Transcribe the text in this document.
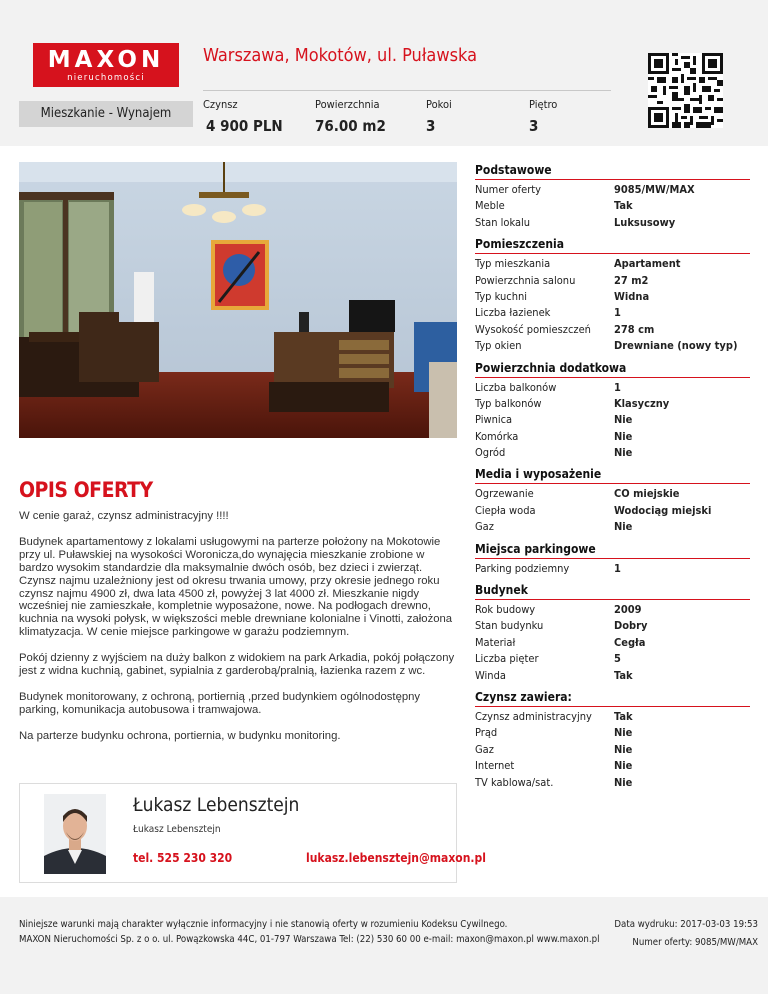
MAXON
nieruchomości
Mieszkanie - Wynajem
Warszawa, Mokotów, ul. Puławska
Czynsz
4 900 PLN
Powierzchnia
76.00 m2
Pokoi
3
Piętro
3
OPIS OFERTY

W cenie garaż, czynsz administracyjny !!!!

Budynek apartamentowy z lokalami usługowymi na parterze położony na Mokotowie przy ul. Puławskiej na wysokości Woronicza,do wynajęcia mieszkanie zrobione w bardzo wysokim standardzie dla maksymalnie dwóch osób, bez dzieci i zwierząt. Czynsz najmu uzależniony jest od okresu trwania umowy, przy okresie jednego roku czynsz najmu 4900 zł, dwa lata 4500 zł, powyżej 3 lat 4000 zł. Mieszkanie nigdy wcześniej nie zamieszkałe, kompletnie wyposażone, nowe. Na podłogach drewno, kuchnia na wysoki połysk, w większości meble drewniane kolonialne i Vinotti, założona klimatyzacja. W cenie miejsce parkingowe w garażu podziemnym.

Pokój dzienny z wyjściem na duży balkon z widokiem na park Arkadia, pokój połączony jest z widna kuchnią, gabinet, sypialnia z garderobą/pralnią, łazienka razem z wc.

Budynek monitorowany, z ochroną, portiernią ,przed budynkiem ogólnodostępny parking, komunikacja autobusowa i tramwajowa.

Na parterze budynku ochrona, portiernia, w budynku monitoring.

Łukasz Lebensztejn
Łukasz Lebensztejn
tel. 525 230 320	lukasz.lebensztejn@maxon.pl
Podstawowe
Numer oferty	9085/MW/MAX
Meble	Tak
Stan lokalu	Luksusowy
Pomieszczenia
Typ mieszkania	Apartament
Powierzchnia salonu	27 m2
Typ kuchni	Widna
Liczba łazienek	1
Wysokość pomieszczeń 278 cm
Typ okien	Drewniane (nowy typ)
Powierzchnia dodatkowa
Liczba balkonów	1
Typ balkonów	Klasyczny
Piwnica	Nie
Komórka	Nie
Ogród	Nie
Media i wyposażenie
Ogrzewanie	CO miejskie
Ciepła woda	Wodociąg miejski
Gaz	Nie
Miejsca parkingowe
Parking podziemny	1
Budynek
Rok budowy	2009
Stan budynku	Dobry
Materiał	Cegła
Liczba pięter	5
Winda	Tak
Czynsz zawiera:
Czynsz administracyjny Tak
Prąd	Nie
Gaz	Nie
Internet	Nie
TV kablowa/sat.	Nie
Niniejsze warunki mają charakter wyłącznie informacyjny i nie stanowią oferty w rozumieniu Kodeksu Cywilnego.
MAXON Nieruchomości Sp. z o o. ul. Powązkowska 44C, 01-797 Warszawa Tel: (22) 530 60 00 e-mail: maxon@maxon.pl www.maxon.pl
Data wydruku: 2017-03-03 19:53
Numer oferty: 9085/MW/MAX
